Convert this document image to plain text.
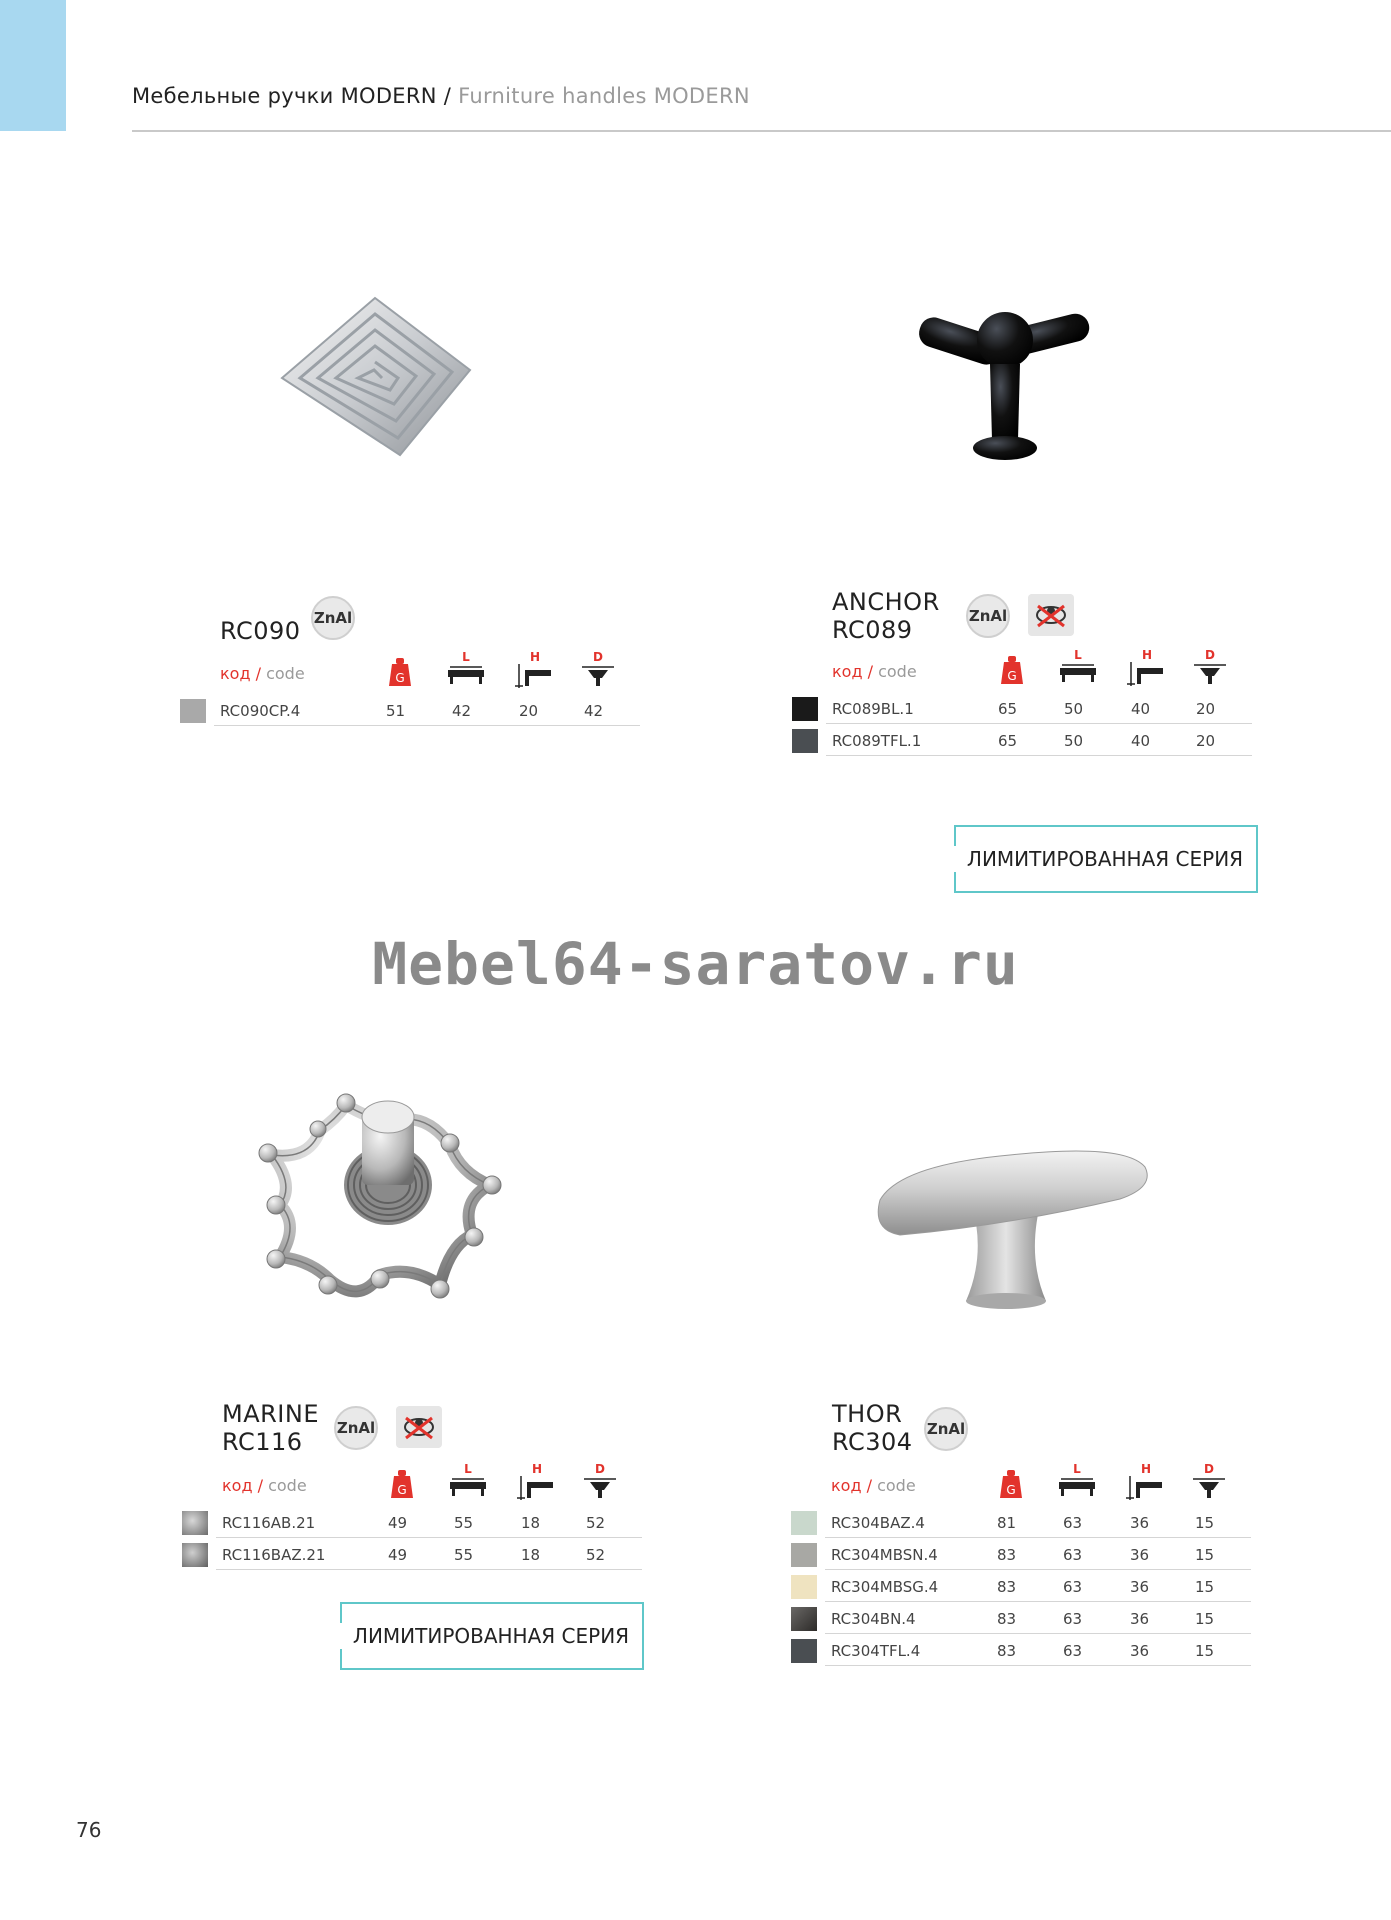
Мебельные ручки MODERN / Furniture handles MODERN
RC090 ZnAl
код / code	G
L	H	D
RC090CP.4	51	42	20	42
ANCHOR
RC089	ZnAl
код / code	G
L	H	D
RC089BL.1	65	50	40	20
RC089TFL.1	65	50	40	20
ЛИМИТИРОВАННАЯ СЕРИЯ
Mebel64-saratov.ru
MARINE
RC116	ZnAl
код / code	G
L	H	D
RC116AB.21	49	55	18	52
RC116BAZ.21	49	55	18	52
ЛИМИТИРОВАННАЯ СЕРИЯ
THOR
RC304 ZnAl
код / code	G
L	H	D
RC304BAZ.4	81	63	36	15
RC304MBSN.4	83	63	36	15
RC304MBSG.4	83	63	36	15
RC304BN.4	83	63	36	15
RC304TFL.4	83	63	36	15
76
